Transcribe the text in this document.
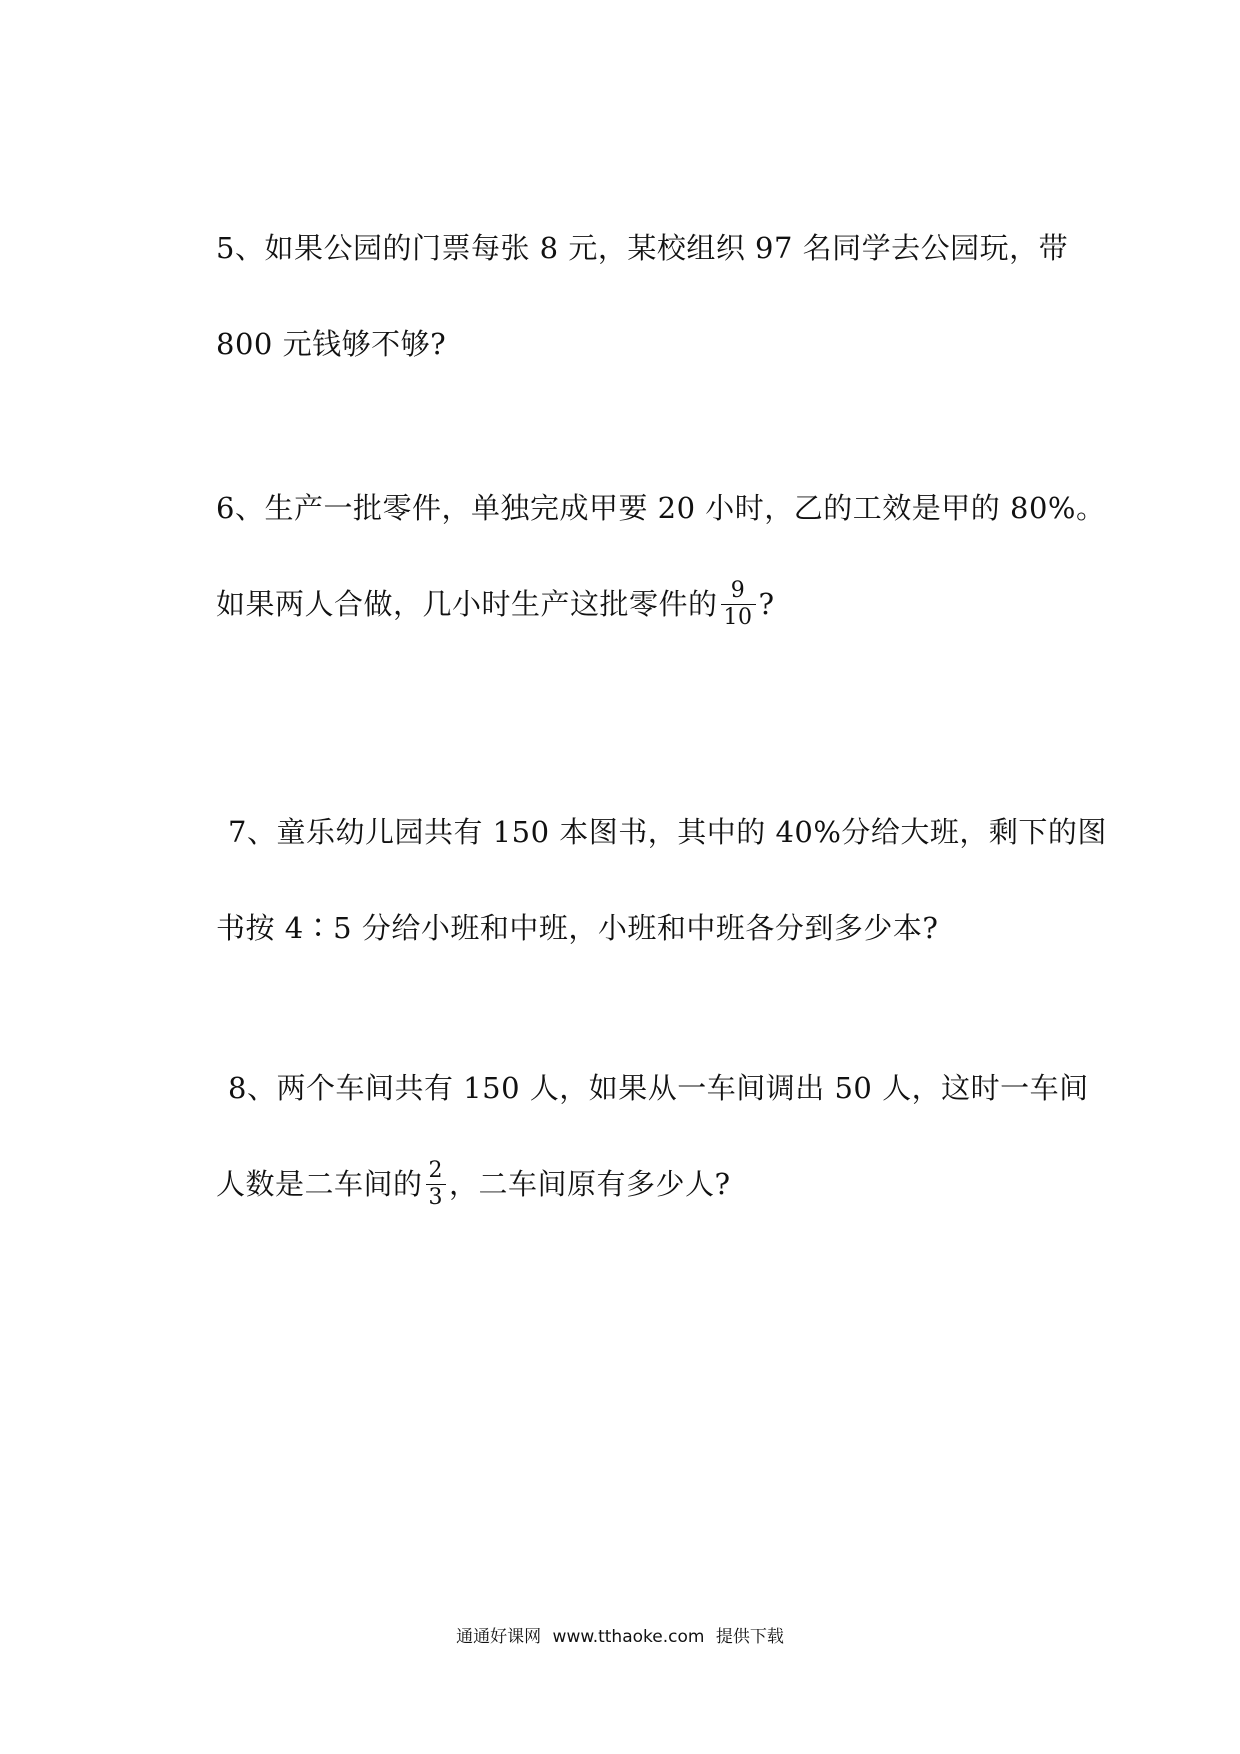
5、如果公园的门票每张 8 元，某校组织 97 名同学去公园玩，带
800 元钱够不够?
6、生产一批零件，单独完成甲要 20 小时，乙的工效是甲的 80%。
如果两人合做，几小时生产这批零件的 $\frac{9}{10}$ ?
7、童乐幼儿园共有 150 本图书，其中的 40%分给大班，剩下的图
书按 4∶5 分给小班和中班，小班和中班各分到多少本?
8、两个车间共有 150 人，如果从一车间调出 50 人，这时一车间
人数是二车间的 $\frac{2}{3}$ ，二车间原有多少人?
通通好课网 www.tthaoke.com 提供下载
